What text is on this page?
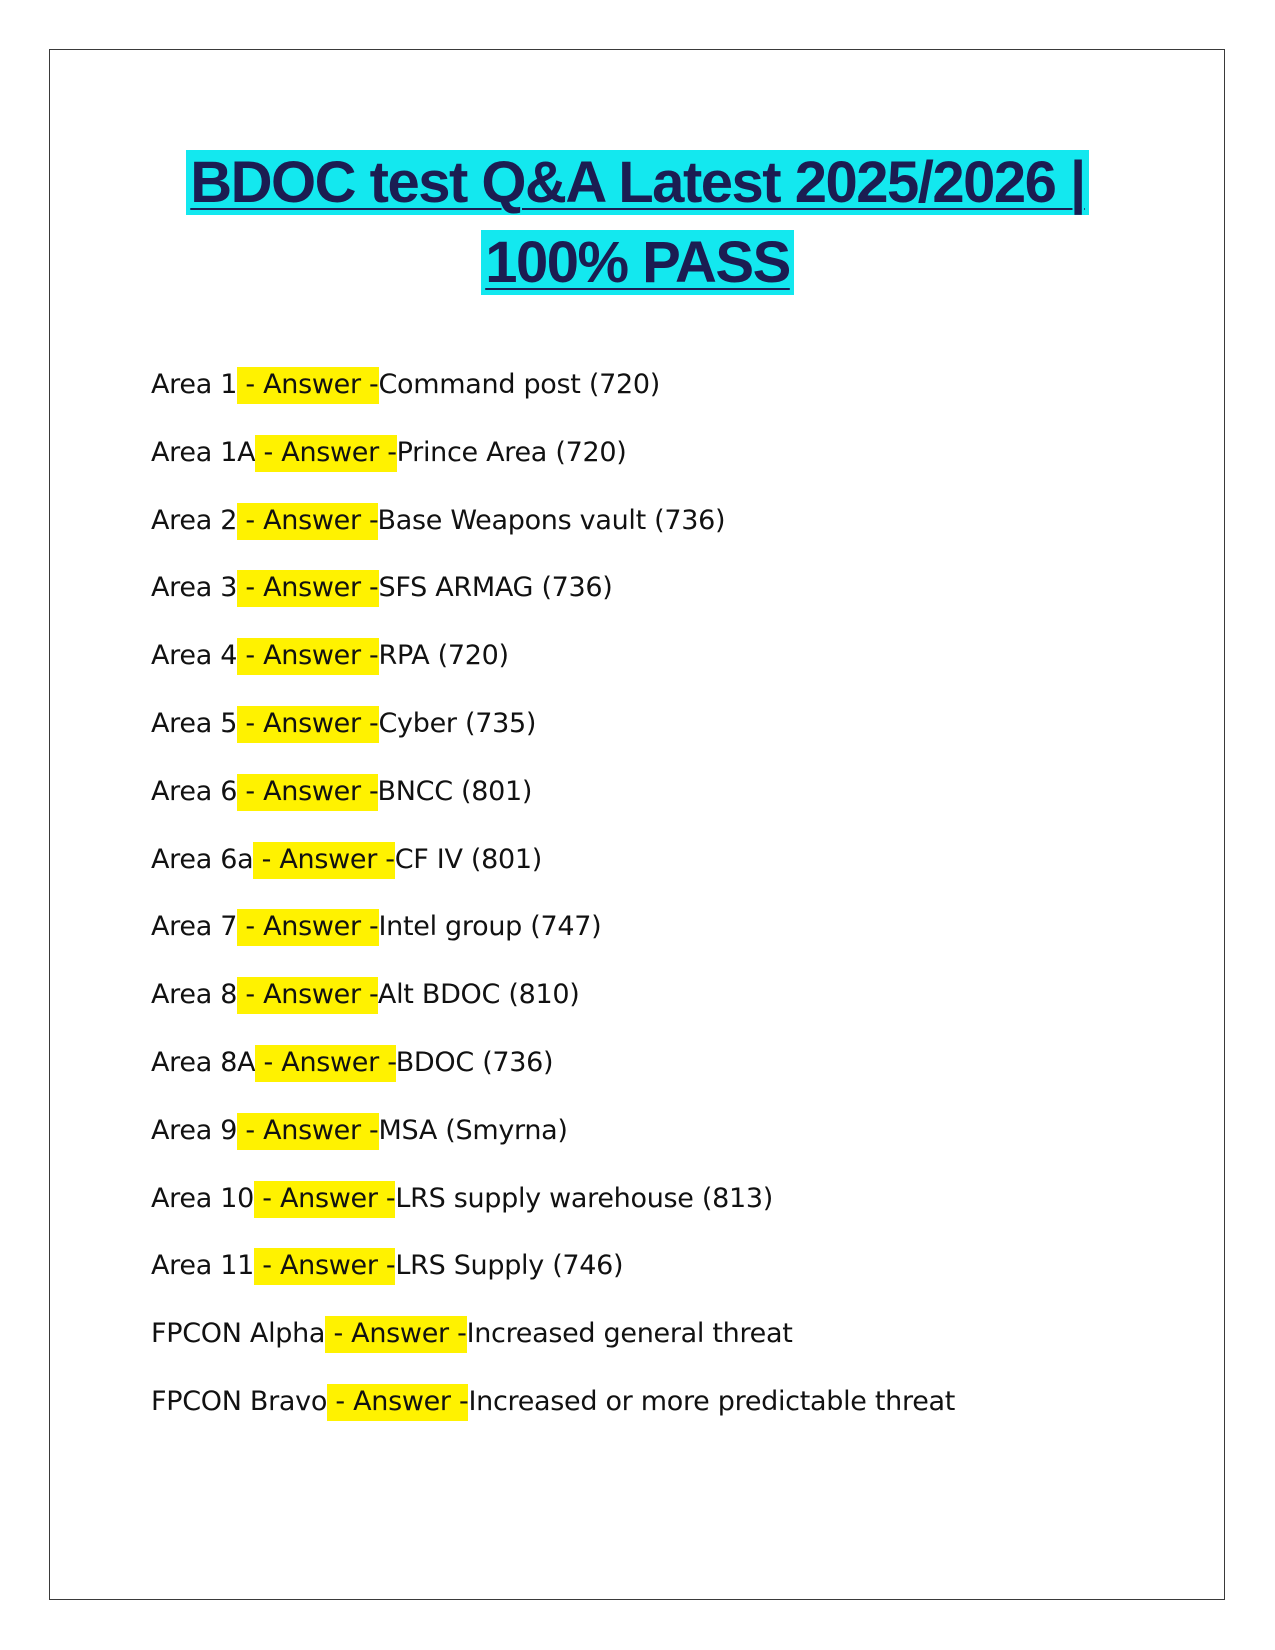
BDOC test Q&A Latest 2025/2026 |
100% PASS
Area 1 - Answer -Command post (720)
Area 1A - Answer -Prince Area (720)
Area 2 - Answer -Base Weapons vault (736)
Area 3 - Answer -SFS ARMAG (736)
Area 4 - Answer -RPA (720)
Area 5 - Answer -Cyber (735)
Area 6 - Answer -BNCC (801)
Area 6a - Answer -CF IV (801)
Area 7 - Answer -Intel group (747)
Area 8 - Answer -Alt BDOC (810)
Area 8A - Answer -BDOC (736)
Area 9 - Answer -MSA (Smyrna)
Area 10 - Answer -LRS supply warehouse (813)
Area 11 - Answer -LRS Supply (746)
FPCON Alpha - Answer -Increased general threat
FPCON Bravo - Answer -Increased or more predictable threat
